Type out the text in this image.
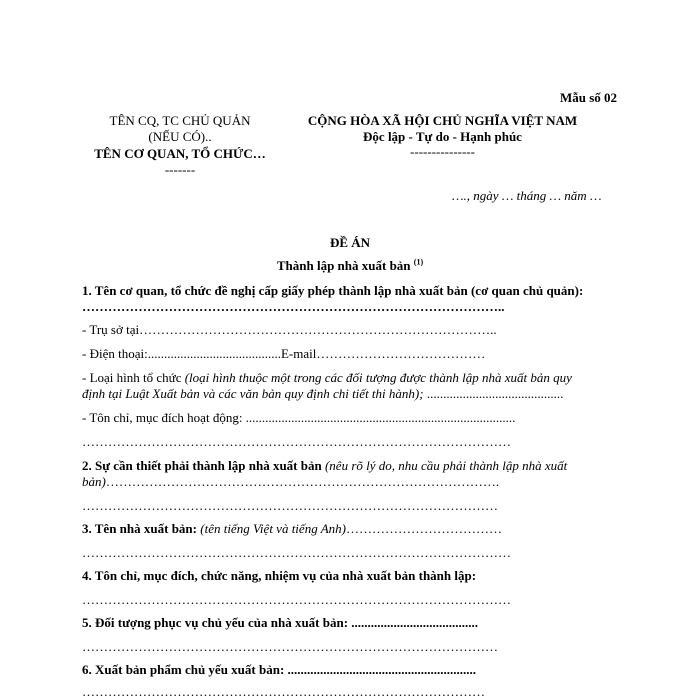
Mẫu số 02
TÊN CQ, TC CHỦ QUẢN
(NẾU CÓ)..
TÊN CƠ QUAN, TỔ CHỨC…
-------
CỘNG HÒA XÃ HỘI CHỦ NGHĨA VIỆT NAM
Độc lập - Tự do - Hạnh phúc
---------------
…., ngày … tháng … năm …
ĐỀ ÁN
Thành lập nhà xuất bản $^{(1)}$
1. Tên cơ quan, tổ chức đề nghị cấp giấy phép thành lập nhà xuất bản (cơ quan chủ quản):
……………………………………………………………………………………..
- Trụ sở tại………………………………………………………………………..
- Điện thoại:.........................................E-mail…………………………………
- Loại hình tổ chức (loại hình thuộc một trong các đối tượng được thành lập nhà xuất bản quy
định tại Luật Xuất bản và các văn bản quy định chi tiết thi hành); ..........................................
- Tôn chỉ, mục đích hoạt động: ...................................................................................
………………………………………………………………………………………
2. Sự cần thiết phải thành lập nhà xuất bản (nêu rõ lý do, nhu cầu phải thành lập nhà xuất
bản)……………………………………………………………………………….
……………………………………………………………………………………
3. Tên nhà xuất bản: (tên tiếng Việt và tiếng Anh)………………………………
………………………………………………………………………………………
4. Tôn chỉ, mục đích, chức năng, nhiệm vụ của nhà xuất bản thành lập:
………………………………………………………………………………………
5. Đối tượng phục vụ chủ yếu của nhà xuất bản: .......................................
……………………………………………………………………………………
6. Xuất bản phẩm chủ yếu xuất bản: ..........................................................
…………………………………………………………………………………
